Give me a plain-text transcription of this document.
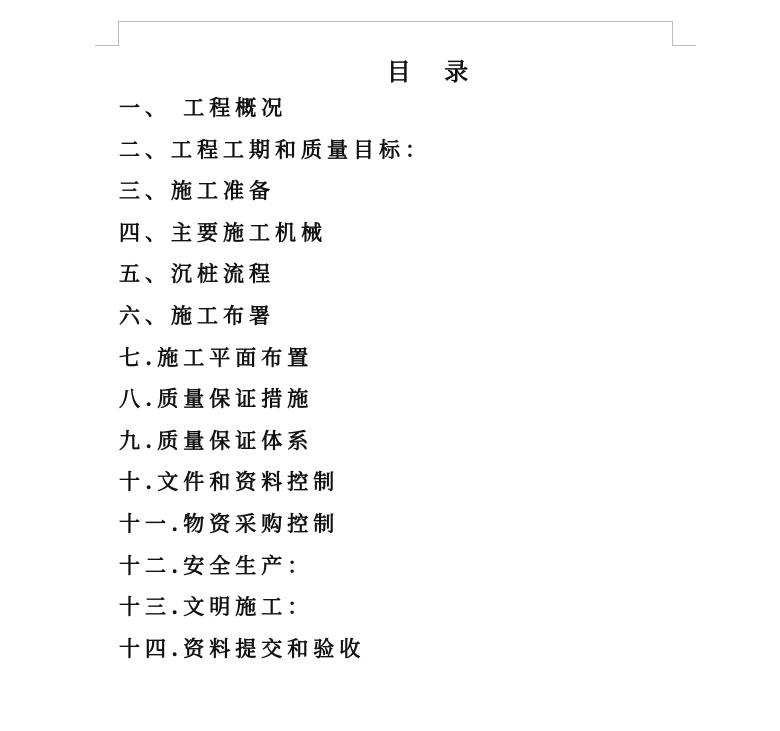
目    录
一、 工程概况
二、工程工期和质量目标：
三、施工准备
四、主要施工机械
五、沉桩流程
六、施工布署
七.施工平面布置
八.质量保证措施
九.质量保证体系
十.文件和资料控制
十一.物资采购控制
十二.安全生产：
十三.文明施工：
十四.资料提交和验收
